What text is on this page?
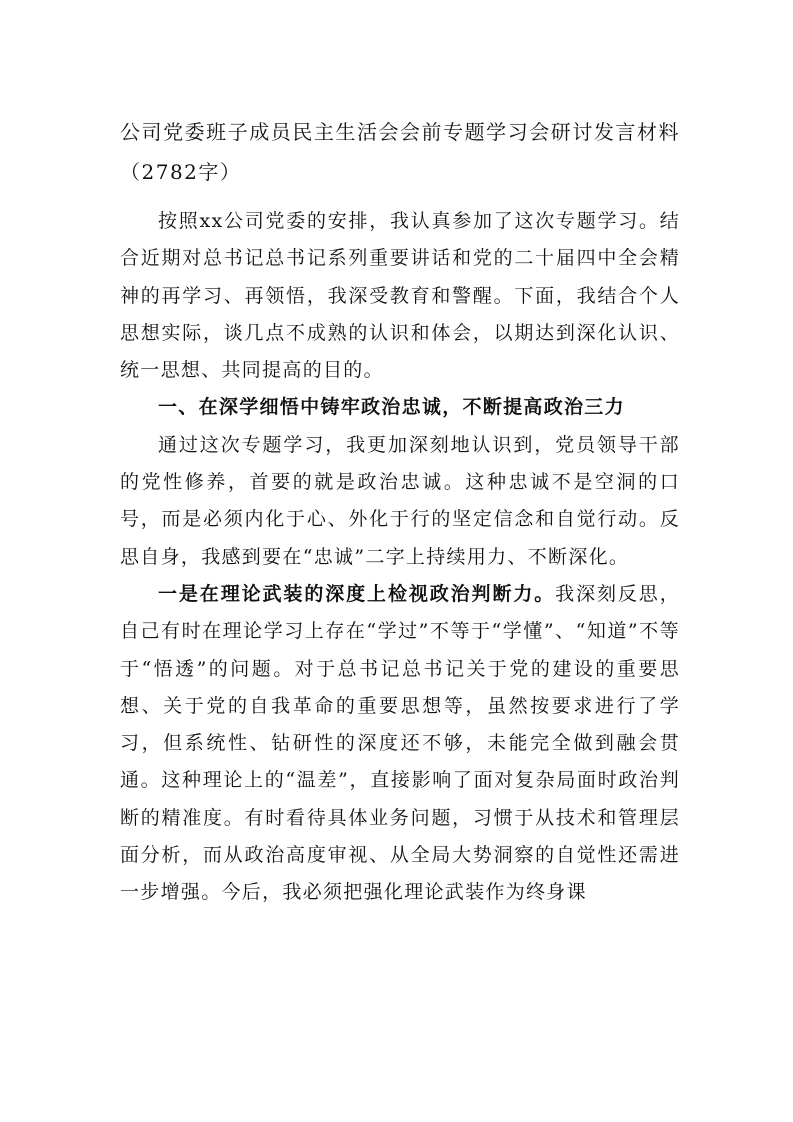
公司党委班子成员民主生活会会前专题学习会研讨发言材料（2782字）

按照xx公司党委的安排，我认真参加了这次专题学习。结合近期对总书记总书记系列重要讲话和党的二十届四中全会精神的再学习、再领悟，我深受教育和警醒。下面，我结合个人思想实际，谈几点不成熟的认识和体会，以期达到深化认识、统一思想、共同提高的目的。

一、在深学细悟中铸牢政治忠诚，不断提高政治三力

通过这次专题学习，我更加深刻地认识到，党员领导干部的党性修养，首要的就是政治忠诚。这种忠诚不是空洞的口号，而是必须内化于心、外化于行的坚定信念和自觉行动。反思自身，我感到要在“忠诚”二字上持续用力、不断深化。

一是在理论武装的深度上检视政治判断力。我深刻反思，自己有时在理论学习上存在“学过”不等于“学懂”、“知道”不等于“悟透”的问题。对于总书记总书记关于党的建设的重要思想、关于党的自我革命的重要思想等，虽然按要求进行了学习，但系统性、钻研性的深度还不够，未能完全做到融会贯通。这种理论上的“温差”，直接影响了面对复杂局面时政治判断的精准度。有时看待具体业务问题，习惯于从技术和管理层面分析，而从政治高度审视、从全局大势洞察的自觉性还需进一步增强。今后，我必须把强化理论武装作为终身课
